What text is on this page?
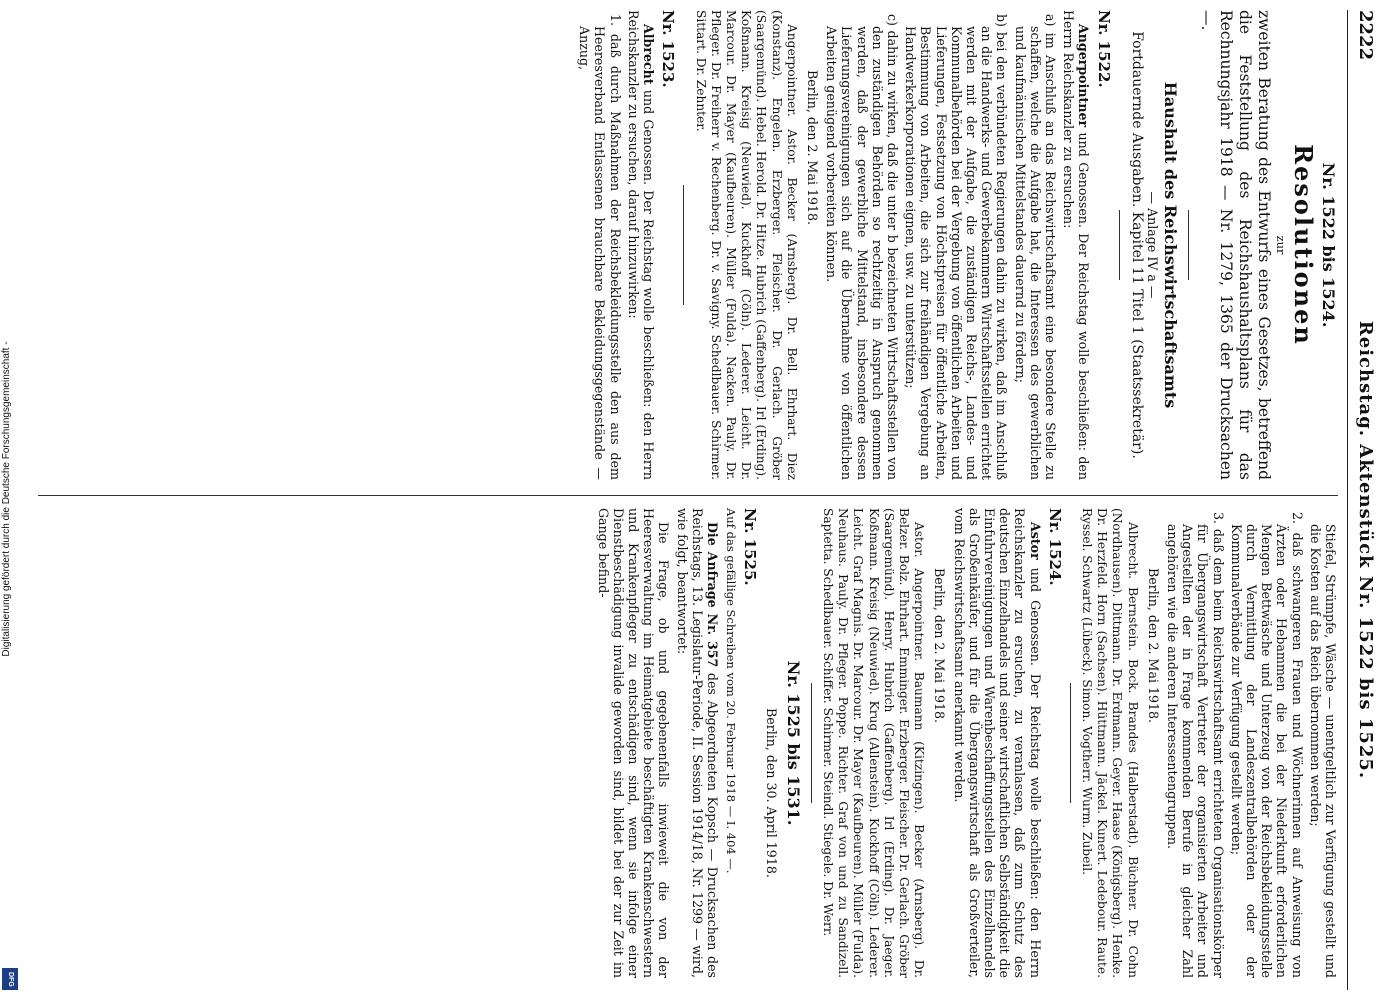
Digitalisierung gefördert durch die Deutsche Forschungsgemeinschaft -
DFG
2222
Reichstag. Aktenstück Nr. 1522 bis 1525.
Nr. 1522 bis 1524.
Resolutionen
zur

zweiten Beratung des Entwurfs eines Gesetzes, betreffend die Feststellung des Reichshaushaltsplans für das Rechnungsjahr 1918 — Nr. 1279, 1365 der Drucksachen —.

Haushalt des Reichswirtschaftsamts
— Anlage IV a —
Fortdauernde Ausgaben. Kapitel 11 Titel 1 (Staatssekretär).
Nr. 1522.

Angerpointner und Genossen. Der Reichstag wolle beschließen: den Herrn Reichskanzler zu ersuchen:

a) im Anschluß an das Reichswirtschaftsamt eine besondere Stelle zu schaffen, welche die Aufgabe hat, die Interessen des gewerblichen und kaufmännischen Mittelstandes dauernd zu fördern;

b) bei den verbündeten Regierungen dahin zu wirken, daß im Anschluß an die Handwerks- und Gewerbekammern Wirtschaftsstellen errichtet werden mit der Aufgabe, die zuständigen Reichs-, Landes- und Kommunalbehörden bei der Vergebung von öffentlichen Arbeiten und Lieferungen, Festsetzung von Höchstpreisen für öffentliche Arbeiten, Bestimmung von Arbeiten, die sich zur freihändigen Vergebung an Handwerkerkorporationen eignen, usw. zu unterstützen;

c) dahin zu wirken, daß die unter b bezeichneten Wirtschaftsstellen von den zuständigen Behörden so rechtzeitig in Anspruch genommen werden, daß der gewerbliche Mittelstand, insbesondere dessen Lieferungsvereinigungen sich auf die Übernahme von öffentlichen Arbeiten genügend vorbereiten können.

Berlin, den 2. Mai 1918.

Angerpointner. Astor. Becker (Arnsberg). Dr. Bell. Ehrhart. Diez (Konstanz). Engelen. Erzberger. Fleischer. Dr. Gerlach. Gröber (Saargemünd). Hebel. Herold. Dr. Hitze. Hubrich (Gaffenberg). Irl (Erding). Koßmann. Kreisig (Neuwied). Kuckhoff (Cöln). Lederer. Leicht. Dr. Marcour. Dr. Mayer (Kaufbeuren). Müller (Fulda). Nacken. Pauly. Dr. Pfleger. Dr. Freiherr v. Rechenberg. Dr. v. Savigny. Schedlbauer. Schirmer. Sittart. Dr. Zehnter.

Nr. 1523.

Albrecht und Genossen. Der Reichstag wolle beschließen: den Herrn Reichskanzler zu ersuchen, darauf hinzuwirken:

1. daß durch Maßnahmen der Reichsbekleidungsstelle den aus dem Heeresverband Entlassenen brauchbare Bekleidungsgegenstände — Anzug,

Stiefel, Strümpfe, Wäsche — unentgeltlich zur Verfügung gestellt und die Kosten auf das Reich übernommen werden;

2. daß schwangeren Frauen und Wöchnerinnen auf Anweisung von Ärzten oder Hebammen die bei der Niederkunft erforderlichen Mengen Bettwäsche und Unterzeug von der Reichsbekleidungsstelle durch Vermittlung der Landeszentralbehörden oder der Kommunalverbände zur Verfügung gestellt werden;

3. daß dem beim Reichswirtschaftsamt errichteten Organisationskörper für Übergangswirtschaft Vertreter der organisierten Arbeiter und Angestellten der in Frage kommenden Berufe in gleicher Zahl angehören wie die anderen Interessentengruppen.

Berlin, den 2. Mai 1918.

Albrecht. Bernstein. Bock. Brandes (Halberstadt). Büchner. Dr. Cohn (Nordhausen). Dittmann. Dr. Erdmann. Geyer. Haase (Königsberg). Henke. Dr. Herzfeld. Horn (Sachsen). Hüttmann. Jäckel. Kunert. Ledebour. Raute. Ryssel. Schwartz (Lübeck). Simon. Vogtherr. Wurm. Zubeil.

Nr. 1524.

Astor und Genossen. Der Reichstag wolle beschließen: den Herrn Reichskanzler zu ersuchen, zu veranlassen, daß zum Schutz des deutschen Einzelhandels und seiner wirtschaftlichen Selbständigkeit die Einfuhrvereinigungen und Warenbeschaffungsstellen des Einzelhandels als Großeinkäufer, und für die Übergangswirtschaft als Großverteiler, vom Reichswirtschaftsamt anerkannt werden.

Berlin, den 2. Mai 1918.

Astor. Angerpointner. Baumann (Kitzingen). Becker (Arnsberg). Dr. Belzer. Bolz. Ehrhart. Emminger. Erzberger. Fleischer. Dr. Gerlach. Gröber (Saargemünd). Henry. Hubrich (Gaffenberg). Irl (Erding). Dr. Jaeger. Koßmann. Kreisig (Neuwied). Krug (Allenstein). Kuckhoff (Cöln). Lederer. Leicht. Graf Magnis. Dr. Marcour. Dr. Mayer (Kaufbeuren). Müller (Fulda). Neuhaus. Pauly. Dr. Pfleger. Poppe. Richter. Graf von und zu Sandizell. Saptetta. Schedlbauer. Schiffer. Schirmer. Steindl. Stiegele. Dr. Werr.

Nr. 1525 bis 1531.
Berlin, den 30. April 1918.
Nr. 1525.

Auf das gefällige Schreiben vom 20. Februar 1918 — I. 404 —.

Die Anfrage Nr. 357 des Abgeordneten Kopsch — Drucksachen des Reichstags, 13. Legislatur-Periode, II. Session 1914/18, Nr. 1299 — wird, wie folgt, beantwortet:

Die Frage, ob und gegebenenfalls inwieweit die von der Heeresverwaltung im Heimatgebiete beschäftigten Krankenschwestern und Krankenpfleger zu entschädigen sind, wenn sie infolge einer Dienstbeschädigung invalide geworden sind, bildet bei der zur Zeit im Gange befind-
